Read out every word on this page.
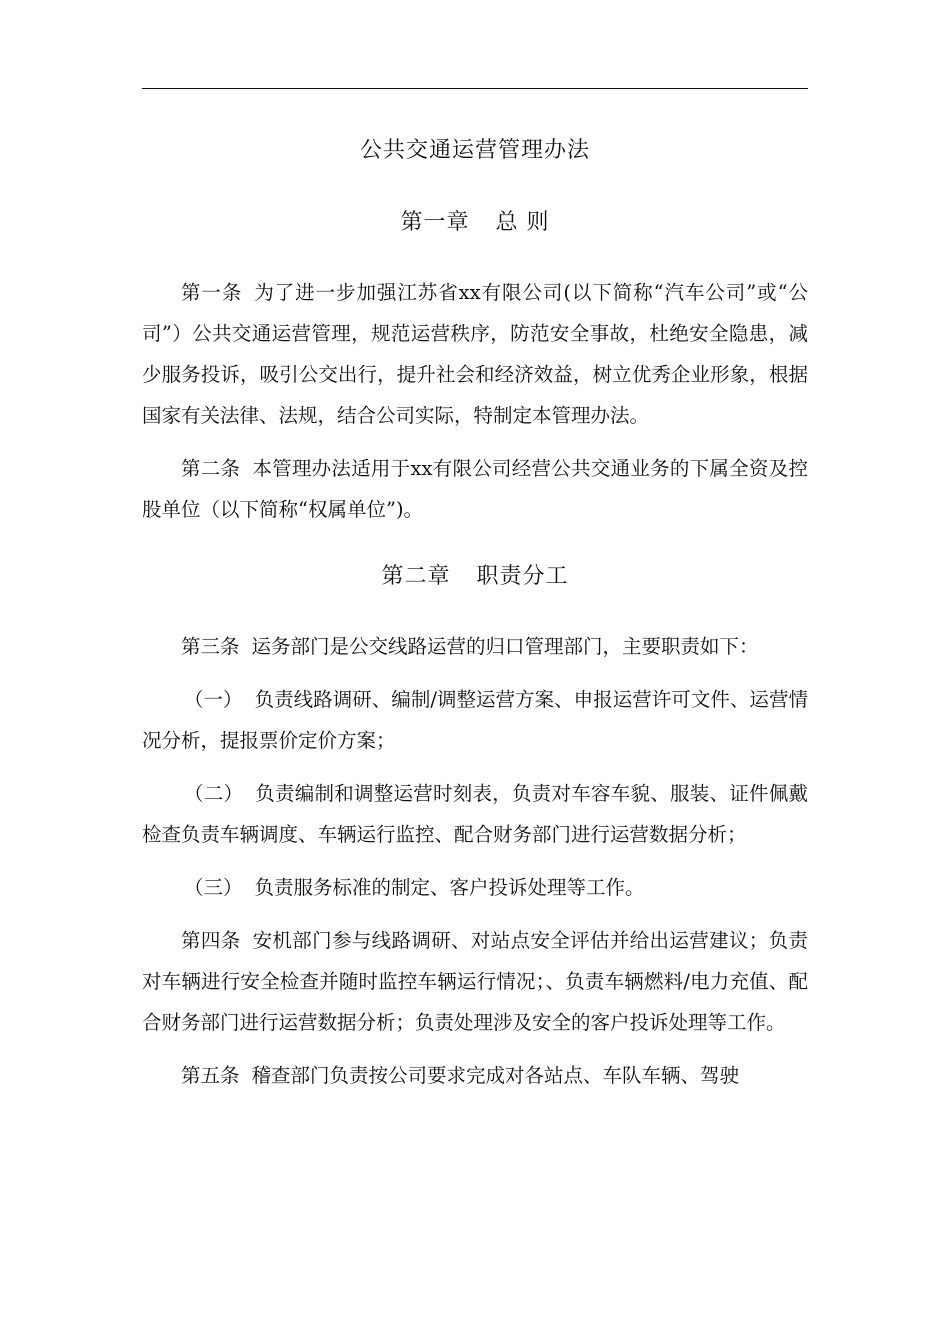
公共交通运营管理办法
第一章 总 则

第一条 为了进一步加强江苏省xx有限公司(以下简称“汽车公司”或“公司”）公共交通运营管理，规范运营秩序，防范安全事故，杜绝安全隐患，减少服务投诉，吸引公交出行，提升社会和经济效益，树立优秀企业形象，根据国家有关法律、法规，结合公司实际，特制定本管理办法。

第二条 本管理办法适用于xx有限公司经营公共交通业务的下属全资及控股单位（以下简称“权属单位”)。

第二章 职责分工

第三条 运务部门是公交线路运营的归口管理部门，主要职责如下：

（一） 负责线路调研、编制/调整运营方案、申报运营许可文件、运营情况分析，提报票价定价方案；

（二） 负责编制和调整运营时刻表，负责对车容车貌、服装、证件佩戴检查负责车辆调度、车辆运行监控、配合财务部门进行运营数据分析；

（三） 负责服务标准的制定、客户投诉处理等工作。

第四条 安机部门参与线路调研、对站点安全评估并给出运营建议；负责对车辆进行安全检查并随时监控车辆运行情况；、负责车辆燃料/电力充值、配合财务部门进行运营数据分析；负责处理涉及安全的客户投诉处理等工作。

第五条 稽查部门负责按公司要求完成对各站点、车队车辆、驾驶
